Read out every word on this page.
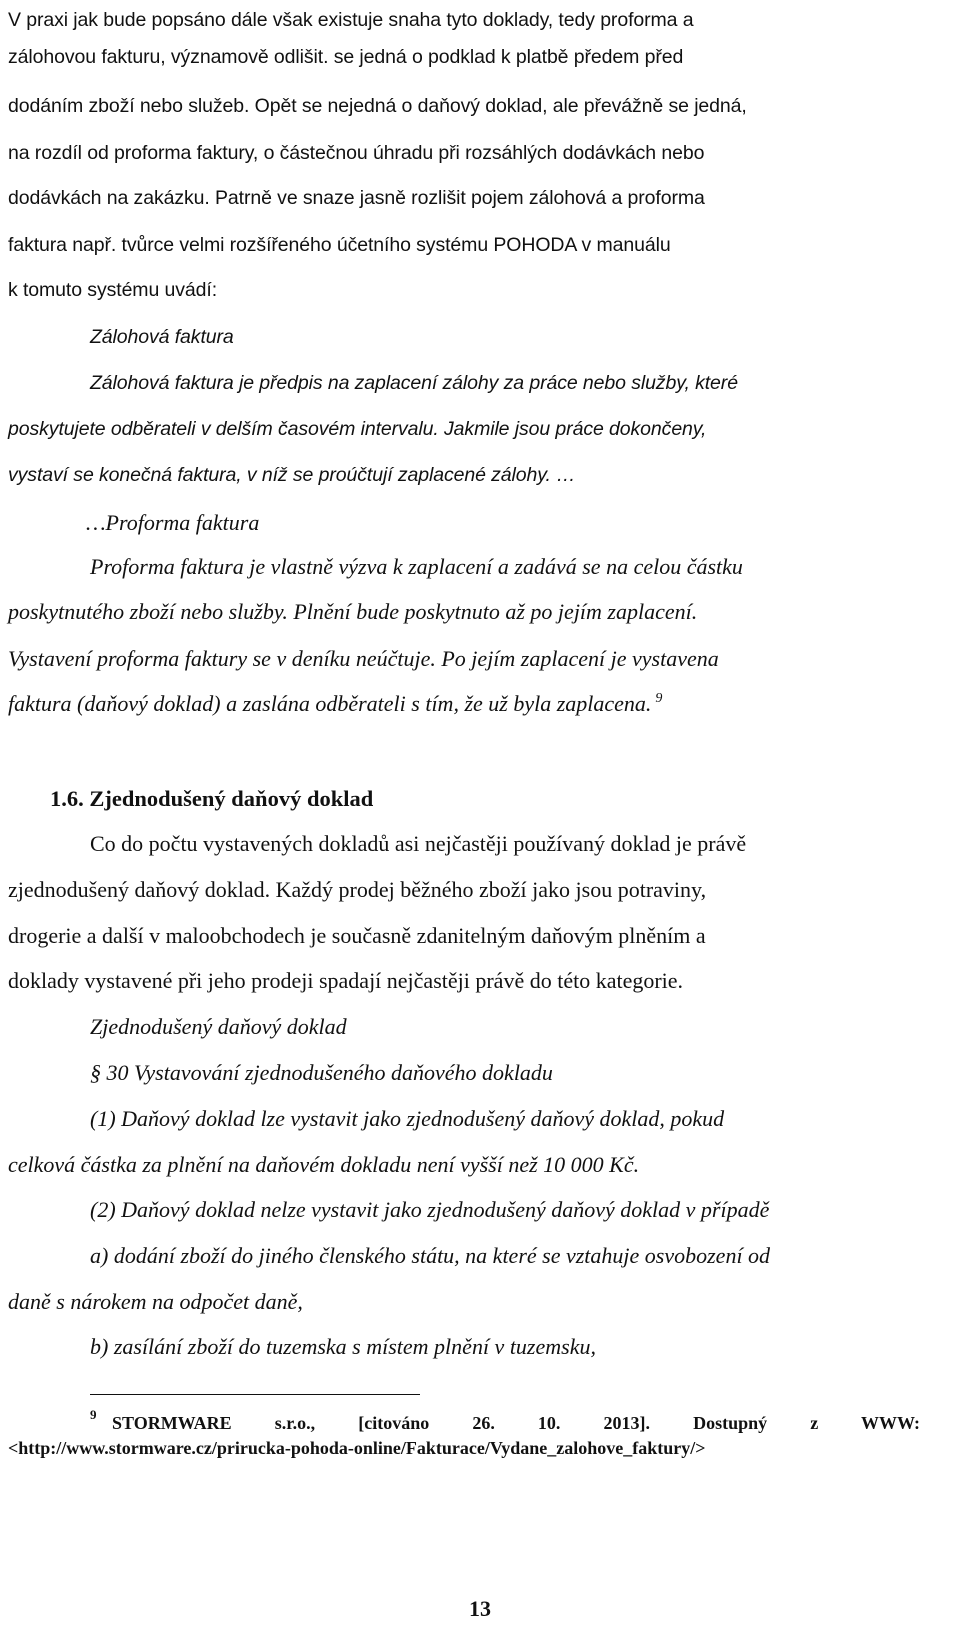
V praxi jak bude popsáno dále však existuje snaha tyto doklady, tedy proforma a
zálohovou fakturu, významově odlišit. se jedná o podklad k platbě předem před
dodáním zboží nebo služeb. Opět se nejedná o daňový doklad, ale převážně se jedná,
na rozdíl od proforma faktury, o částečnou úhradu při rozsáhlých dodávkách nebo
dodávkách na zakázku. Patrně ve snaze jasně rozlišit pojem zálohová a proforma
faktura např. tvůrce velmi rozšířeného účetního systému POHODA v manuálu
k tomuto systému uvádí:
Zálohová faktura
Zálohová faktura je předpis na zaplacení zálohy za práce nebo služby, které
poskytujete odběrateli v delším časovém intervalu. Jakmile jsou práce dokončeny,
vystaví se konečná faktura, v níž se proúčtují zaplacené zálohy. …
…Proforma faktura
Proforma faktura je vlastně výzva k zaplacení a zadává se na celou částku
poskytnutého zboží nebo služby. Plnění bude poskytnuto až po jejím zaplacení.
Vystavení proforma faktury se v deníku neúčtuje. Po jejím zaplacení je vystavena
faktura (daňový doklad) a zaslána odběrateli s tím, že už byla zaplacena. $^9$
1.6. Zjednodušený daňový doklad
Co do počtu vystavených dokladů asi nejčastěji používaný doklad je právě
zjednodušený daňový doklad. Každý prodej běžného zboží jako jsou potraviny,
drogerie a další v maloobchodech je současně zdanitelným daňovým plněním a
doklady vystavené při jeho prodeji spadají nejčastěji právě do této kategorie.
Zjednodušený daňový doklad
§ 30 Vystavování zjednodušeného daňového dokladu
(1) Daňový doklad lze vystavit jako zjednodušený daňový doklad, pokud
celková částka za plnění na daňovém dokladu není vyšší než 10 000 Kč.
(2) Daňový doklad nelze vystavit jako zjednodušený daňový doklad v případě
a) dodání zboží do jiného členského státu, na které se vztahuje osvobození od
daně s nárokem na odpočet daně,
b) zasílání zboží do tuzemska s místem plnění v tuzemsku,
9 STORMWARE s.r.o., [citováno 26. 10. 2013]. Dostupný z WWW:
<http://www.stormware.cz/prirucka-pohoda-online/Fakturace/Vydane_zalohove_faktury/>
13
